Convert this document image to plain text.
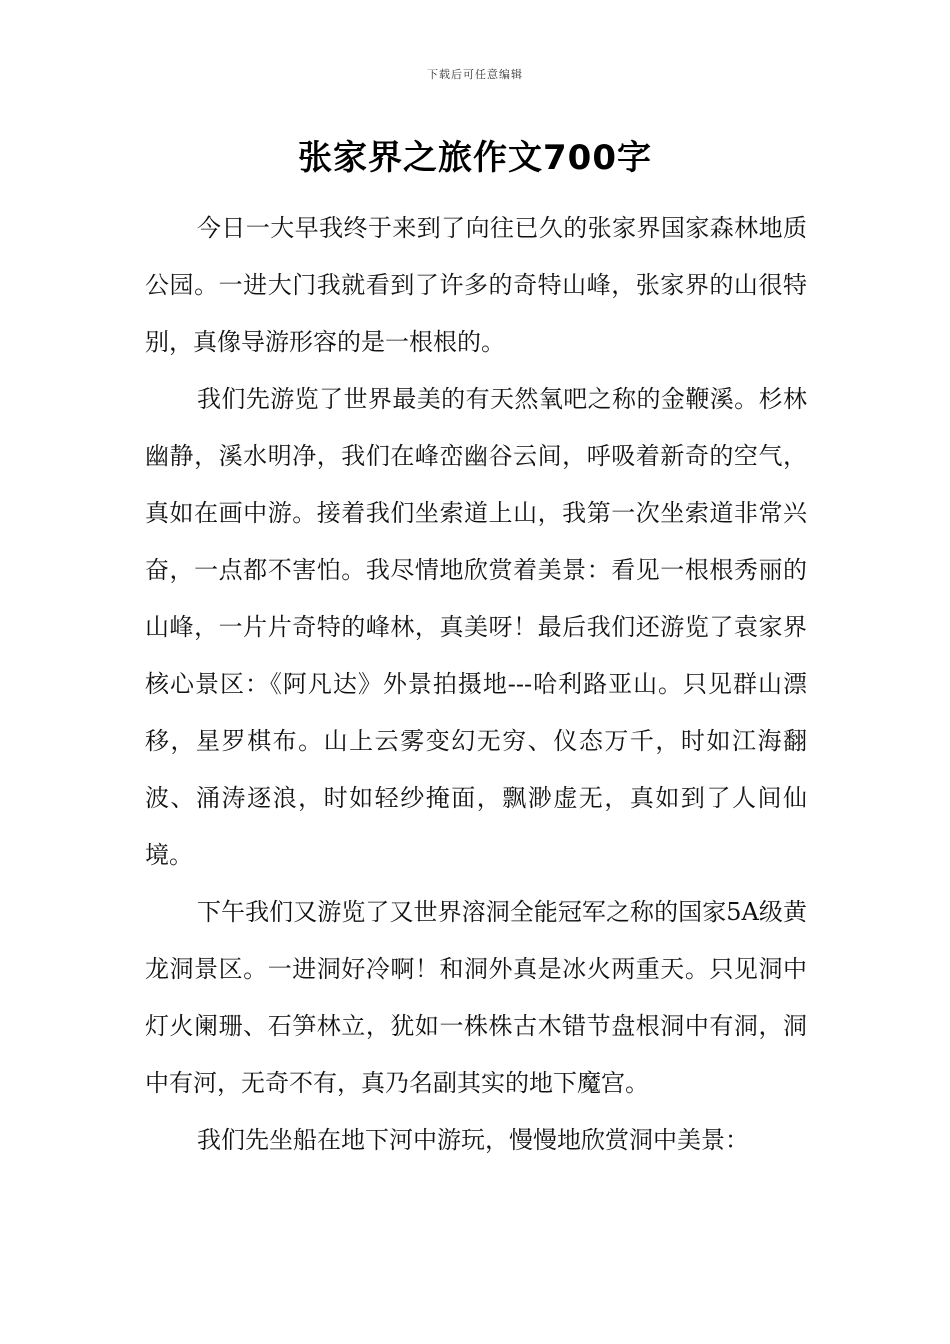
下载后可任意编辑
张家界之旅作文700字

今日一大早我终于来到了向往已久的张家界国家森林地质公园。一进大门我就看到了许多的奇特山峰，张家界的山很特别，真像导游形容的是一根根的。

我们先游览了世界最美的有天然氧吧之称的金鞭溪。杉林幽静，溪水明净，我们在峰峦幽谷云间，呼吸着新奇的空气，真如在画中游。接着我们坐索道上山，我第一次坐索道非常兴奋，一点都不害怕。我尽情地欣赏着美景：看见一根根秀丽的山峰，一片片奇特的峰林，真美呀！最后我们还游览了袁家界核心景区：《阿凡达》外景拍摄地---哈利路亚山。只见群山漂移，星罗棋布。山上云雾变幻无穷、仪态万千，时如江海翻波、涌涛逐浪，时如轻纱掩面，飘渺虚无，真如到了人间仙境。

下午我们又游览了又世界溶洞全能冠军之称的国家5A级黄龙洞景区。一进洞好冷啊！和洞外真是冰火两重天。只见洞中灯火阑珊、石笋林立，犹如一株株古木错节盘根洞中有洞，洞中有河，无奇不有，真乃名副其实的地下魔宫。

我们先坐船在地下河中游玩，慢慢地欣赏洞中美景：
